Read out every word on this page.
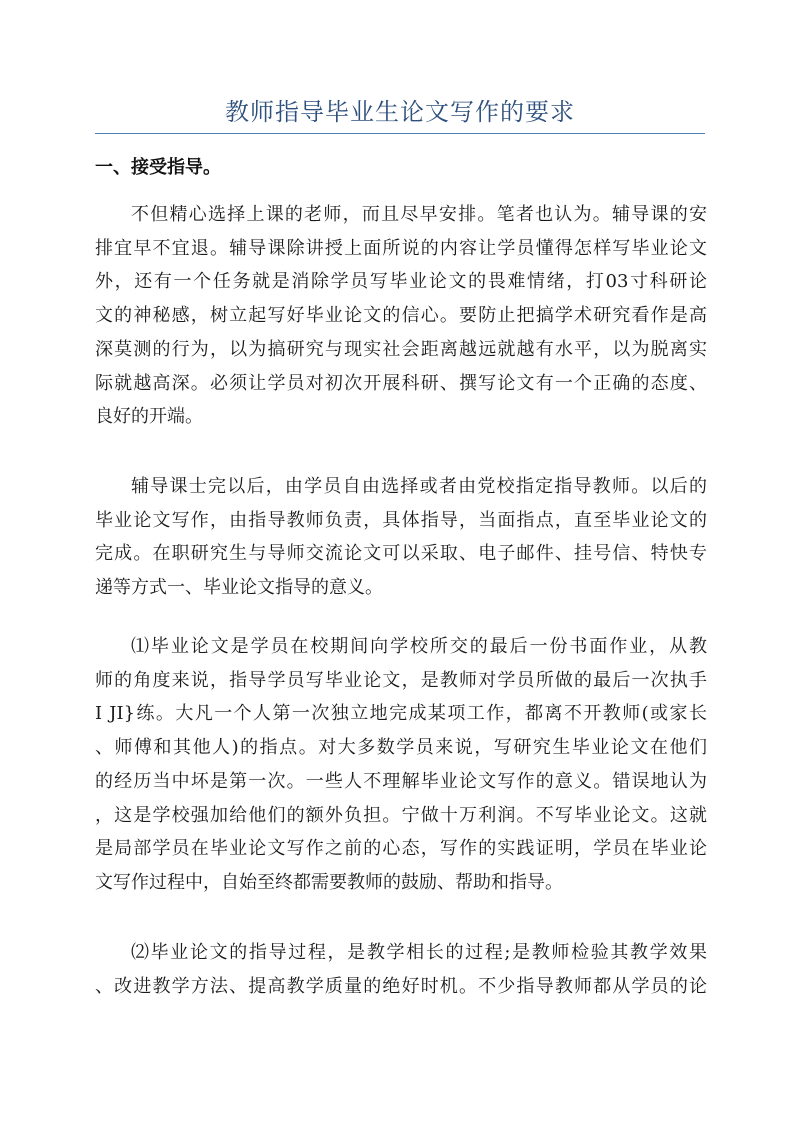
教师指导毕业生论文写作的要求
一、接受指导。

不但精心选择上课的老师，而且尽早安排。笔者也认为。辅导课的安
排宜早不宜退。辅导课除讲授上面所说的内容让学员懂得怎样写毕业论文
外，还有一个任务就是消除学员写毕业论文的畏难情绪，打03寸科研论
文的神秘感，树立起写好毕业论文的信心。要防止把搞学术研究看作是高
深莫测的行为，以为搞研究与现实社会距离越远就越有水平，以为脱离实
际就越高深。必须让学员对初次开展科研、撰写论文有一个正确的态度、
良好的开端。

辅导课士完以后，由学员自由选择或者由党校指定指导教师。以后的
毕业论文写作，由指导教师负责，具体指导，当面指点，直至毕业论文的
完成。在职研究生与导师交流论文可以采取、电子邮件、挂号信、特快专
递等方式一、毕业论文指导的意义。

⑴毕业论文是学员在校期间向学校所交的最后一份书面作业，从教
师的角度来说，指导学员写毕业论文，是教师对学员所做的最后一次执手
I JI}练。大凡一个人第一次独立地完成某项工作，都离不开教师(或家长
、师傅和其他人)的指点。对大多数学员来说，写研究生毕业论文在他们
的经历当中坏是第一次。一些人不理解毕业论文写作的意义。错误地认为
，这是学校强加给他们的额外负担。宁做十万利润。不写毕业论文。这就
是局部学员在毕业论文写作之前的心态，写作的实践证明，学员在毕业论
文写作过程中，自始至终都需要教师的鼓励、帮助和指导。

⑵毕业论文的指导过程，是教学相长的过程;是教师检验其教学效果
、改进教学方法、提高教学质量的绝好时机。不少指导教师都从学员的论
